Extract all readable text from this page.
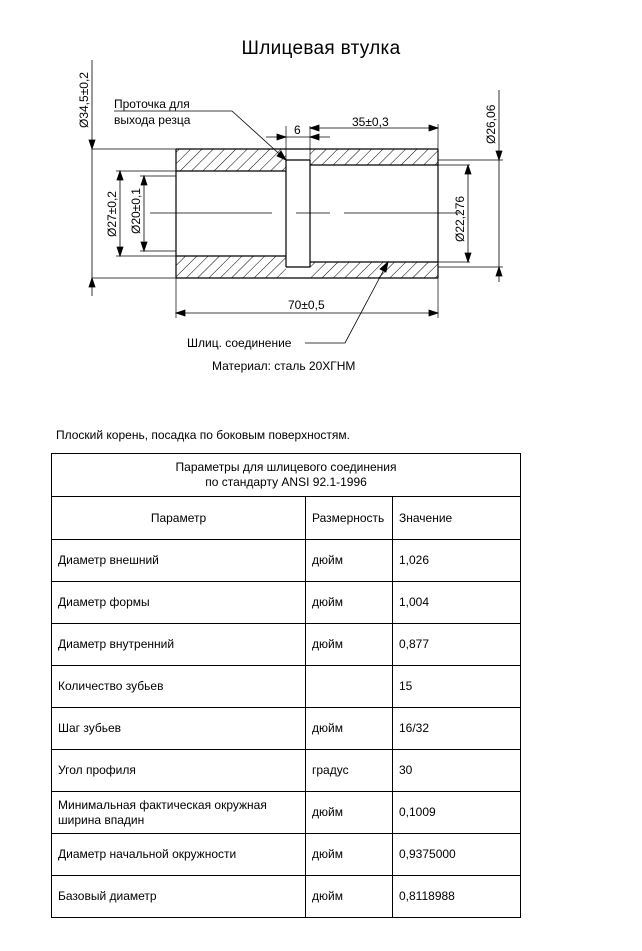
Шлицевая втулка
Ø34,5±0,2
Ø27±0,2 Ø20±0,1
Ø26,06
Ø22,276
6
35±0,3
70±0,5
Проточка для
выхода резца
Шлиц. соединение
Материал: сталь 20ХГНМ
Плоский корень, посадка по боковым поверхностям.
Параметры для шлицевого соединения
по стандарту ANSI 92.1-1996		

Параметр	Размерность	Значение
Диаметр внешний	дюйм	1,026
Диаметр формы	дюйм	1,004
Диаметр внутренний	дюйм	0,877
Количество зубьев		15
Шаг зубьев	дюйм	16/32
Угол профиля	градус	30
Минимальная фактическая окружная ширина впадин	дюйм	0,1009
Диаметр начальной окружности	дюйм	0,9375000
Базовый диаметр	дюйм	0,8118988
